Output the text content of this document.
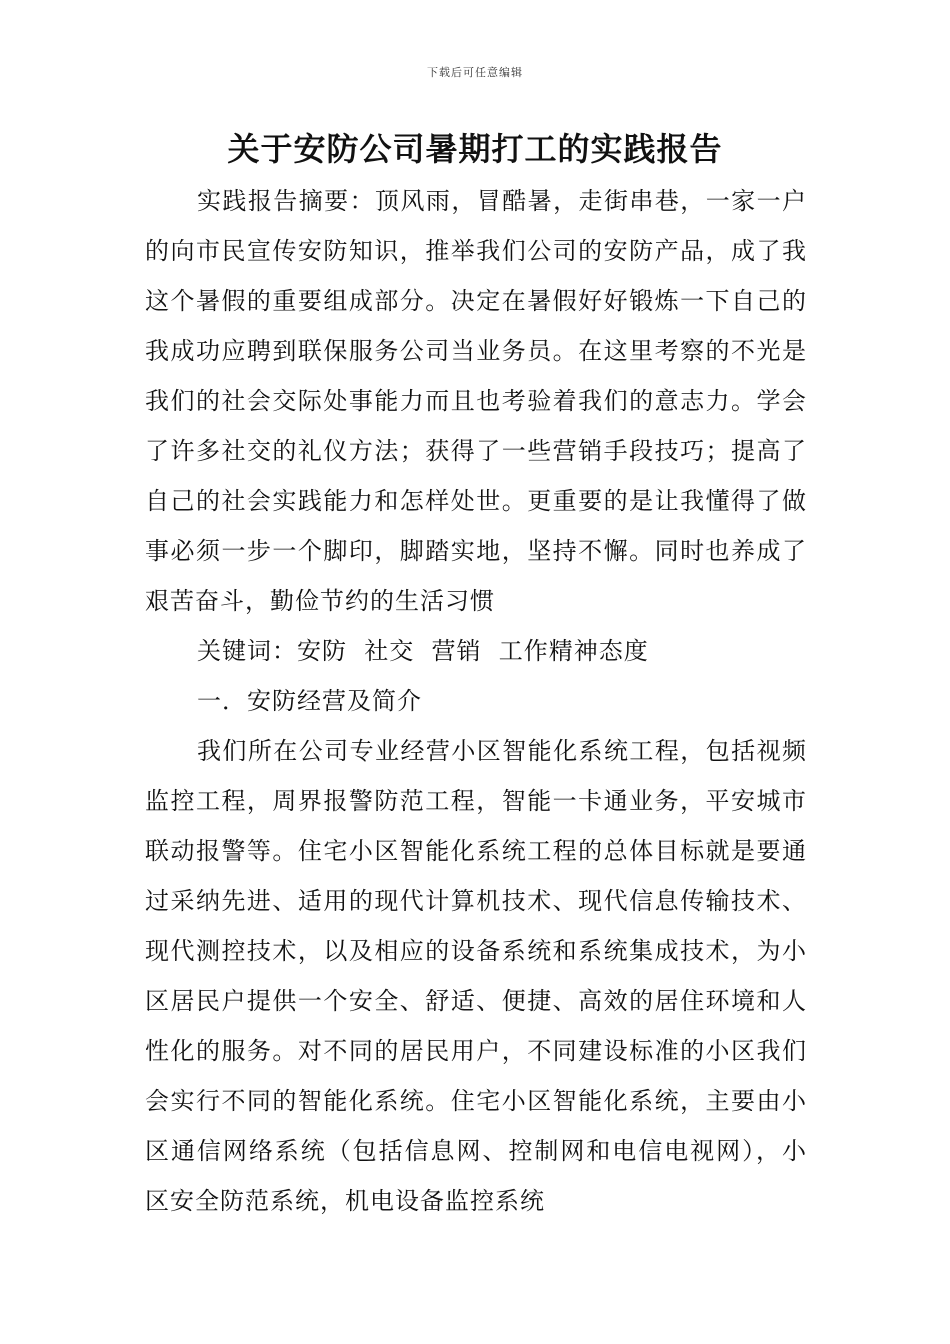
下载后可任意编辑
关于安防公司暑期打工的实践报告

实践报告摘要：顶风雨，冒酷暑，走街串巷，一家一户的向市民宣传安防知识，推举我们公司的安防产品，成了我这个暑假的重要组成部分。决定在暑假好好锻炼一下自己的我成功应聘到联保服务公司当业务员。在这里考察的不光是我们的社会交际处事能力而且也考验着我们的意志力。学会了许多社交的礼仪方法；获得了一些营销手段技巧；提高了自己的社会实践能力和怎样处世。更重要的是让我懂得了做事必须一步一个脚印，脚踏实地，坚持不懈。同时也养成了艰苦奋斗，勤俭节约的生活习惯

关键词：安防  社交  营销  工作精神态度

一．安防经营及简介

我们所在公司专业经营小区智能化系统工程，包括视频监控工程，周界报警防范工程，智能一卡通业务，平安城市联动报警等。住宅小区智能化系统工程的总体目标就是要通过采纳先进、适用的现代计算机技术、现代信息传输技术、现代测控技术，以及相应的设备系统和系统集成技术，为小区居民户提供一个安全、舒适、便捷、高效的居住环境和人性化的服务。对不同的居民用户，不同建设标准的小区我们会实行不同的智能化系统。住宅小区智能化系统，主要由小区通信网络系统（包括信息网、控制网和电信电视网），小区安全防范系统，机电设备监控系统
